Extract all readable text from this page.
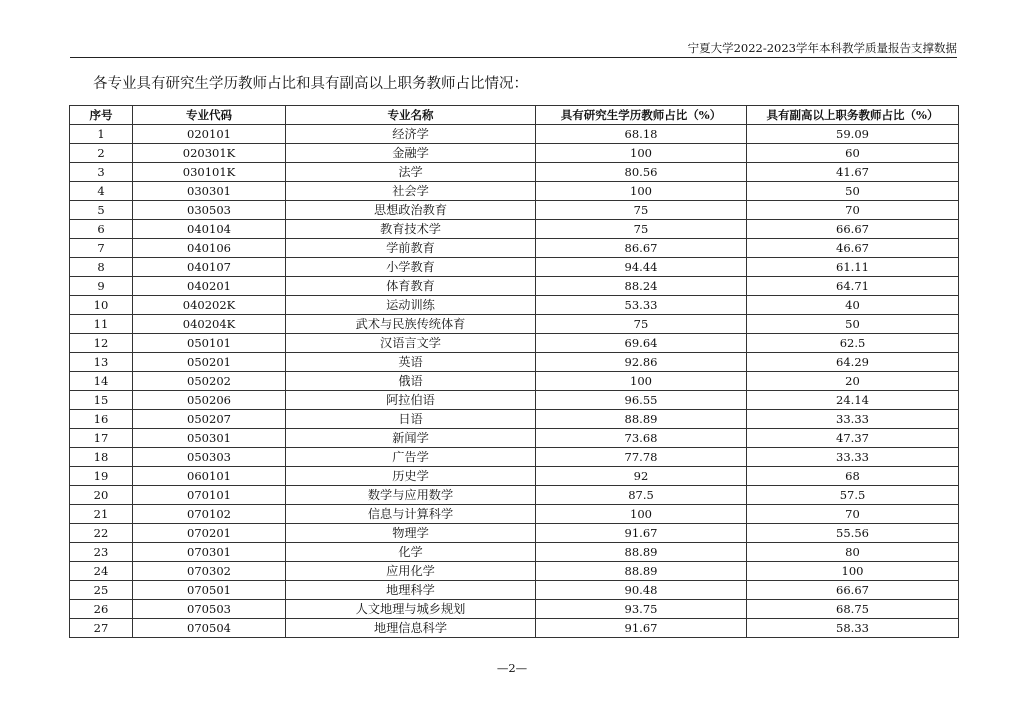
宁夏大学2022-2023学年本科教学质量报告支撑数据
各专业具有研究生学历教师占比和具有副高以上职务教师占比情况：
序号	专业代码	专业名称	具有研究生学历教师占比（%）	具有副高以上职务教师占比（%）
1	020101	经济学	68.18	59.09
2	020301K	金融学	100	60
3	030101K	法学	80.56	41.67
4	030301	社会学	100	50
5	030503	思想政治教育	75	70
6	040104	教育技术学	75	66.67
7	040106	学前教育	86.67	46.67
8	040107	小学教育	94.44	61.11
9	040201	体育教育	88.24	64.71
10	040202K	运动训练	53.33	40
11	040204K	武术与民族传统体育	75	50
12	050101	汉语言文学	69.64	62.5
13	050201	英语	92.86	64.29
14	050202	俄语	100	20
15	050206	阿拉伯语	96.55	24.14
16	050207	日语	88.89	33.33
17	050301	新闻学	73.68	47.37
18	050303	广告学	77.78	33.33
19	060101	历史学	92	68
20	070101	数学与应用数学	87.5	57.5
21	070102	信息与计算科学	100	70
22	070201	物理学	91.67	55.56
23	070301	化学	88.89	80
24	070302	应用化学	88.89	100
25	070501	地理科学	90.48	66.67
26	070503	人文地理与城乡规划	93.75	68.75
27	070504	地理信息科学	91.67	58.33
—2—
